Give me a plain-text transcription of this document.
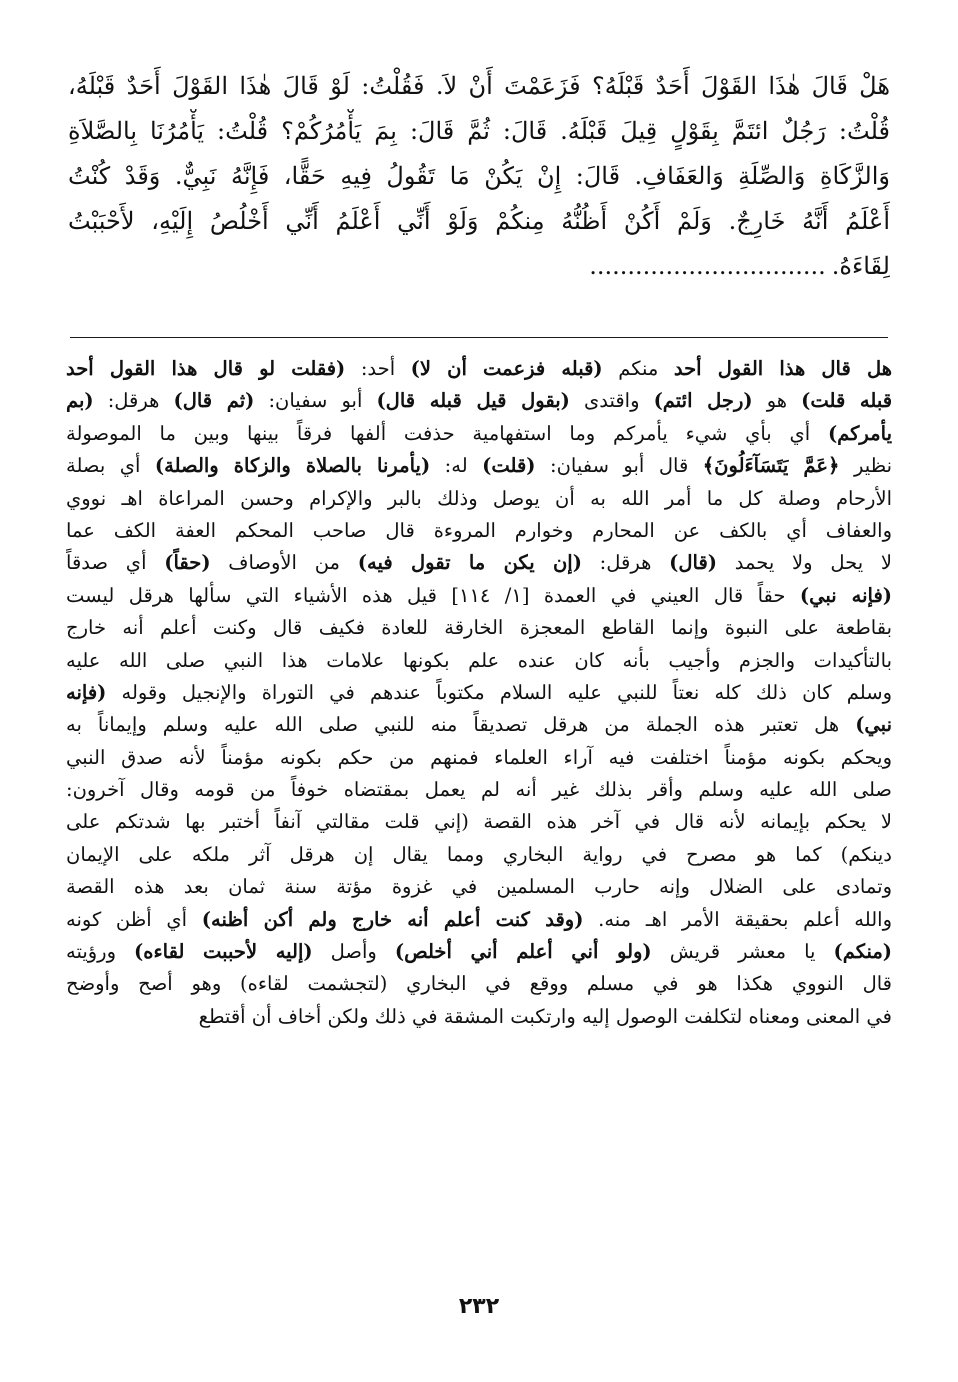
هَلْ قَالَ هٰذَا القَوْلَ أَحَدٌ قَبْلَهُ؟ فَزَعَمْتَ أَنْ لاَ. فَقُلْتُ: لَوْ قَالَ هٰذَا القَوْلَ أَحَدٌ قَبْلَهُ،
قُلْتُ: رَجُلٌ ائتَمَّ بِقَوْلٍ قِيلَ قَبْلَهُ. قَالَ: ثُمَّ قَالَ: بِمَ يَأْمُرُكُمْ؟ قُلْتُ: يَأْمُرُنَا بِالصَّلاَةِ
وَالزَّكَاةِ وَالصِّلَةِ وَالعَفَافِ. قَالَ: إِنْ يَكُنْ مَا تَقُولُ فِيهِ حَقًّا، فَإِنَّهُ نَبِيٌّ. وَقَدْ كُنْتُ
أَعْلَمُ أَنَّهُ خَارِجٌ. وَلَمْ أَكُنْ أَظُنُّهُ مِنكُمْ وَلَوْ أَنِّي أَعْلَمُ أَنِّي أَخْلُصُ إِلَيْهِ، لأَحْبَبْتُ
لِقَاءَهُ................................
هل قال هذا القول أحد منكم (قبله فزعمت أن لا) أحد: (فقلت لو قال هذا القول أحد
قبله قلت) هو (رجل ائتم) واقتدى (بقول قيل قبله قال) أبو سفيان: (ثم قال) هرقل: (بم
يأمركم) أي بأي شيء يأمركم وما استفهامية حذفت ألفها فرقاً بينها وبين ما الموصولة
نظير ﴿عَمَّ يَتَسَآءَلُونَ﴾ قال أبو سفيان: (قلت) له: (يأمرنا بالصلاة والزكاة والصلة) أي بصلة
الأرحام وصلة كل ما أمر الله به أن يوصل وذلك بالبر والإكرام وحسن المراعاة اهـ نووي
والعفاف أي بالكف عن المحارم وخوارم المروءة قال صاحب المحكم العفة الكف عما
لا يحل ولا يحمد (قال) هرقل: (إن يكن ما تقول فيه) من الأوصاف (حقاً) أي صدقاً
(فإنه نبي) حقاً قال العيني في العمدة [١/ ١١٤] قيل هذه الأشياء التي سألها هرقل ليست
بقاطعة على النبوة وإنما القاطع المعجزة الخارقة للعادة فكيف قال وكنت أعلم أنه خارج
بالتأكيدات والجزم وأجيب بأنه كان عنده علم بكونها علامات هذا النبي صلى الله عليه
وسلم كان ذلك كله نعتاً للنبي عليه السلام مكتوباً عندهم في التوراة والإنجيل وقوله (فإنه
نبي) هل تعتبر هذه الجملة من هرقل تصديقاً منه للنبي صلى الله عليه وسلم وإيماناً به
ويحكم بكونه مؤمناً اختلفت فيه آراء العلماء فمنهم من حكم بكونه مؤمناً لأنه صدق النبي
صلى الله عليه وسلم وأقر بذلك غير أنه لم يعمل بمقتضاه خوفاً من قومه وقال آخرون:
لا يحكم بإيمانه لأنه قال في آخر هذه القصة (إني قلت مقالتي آنفاً أختبر بها شدتكم على
دينكم) كما هو مصرح في رواية البخاري ومما يقال إن هرقل آثر ملكه على الإيمان
وتمادى على الضلال وإنه حارب المسلمين في غزوة مؤتة سنة ثمان بعد هذه القصة
والله أعلم بحقيقة الأمر اهـ منه. (وقد كنت أعلم أنه خارج ولم أكن أظنه) أي أظن كونه
(منكم) يا معشر قريش (ولو أني أعلم أني أخلص) وأصل (إليه لأحببت لقاءه) ورؤيته
قال النووي هكذا هو في مسلم ووقع في البخاري (لتجشمت لقاءه) وهو أصح وأوضح
في المعنى ومعناه لتكلفت الوصول إليه وارتكبت المشقة في ذلك ولكن أخاف أن أقتطع
٢٣٢
